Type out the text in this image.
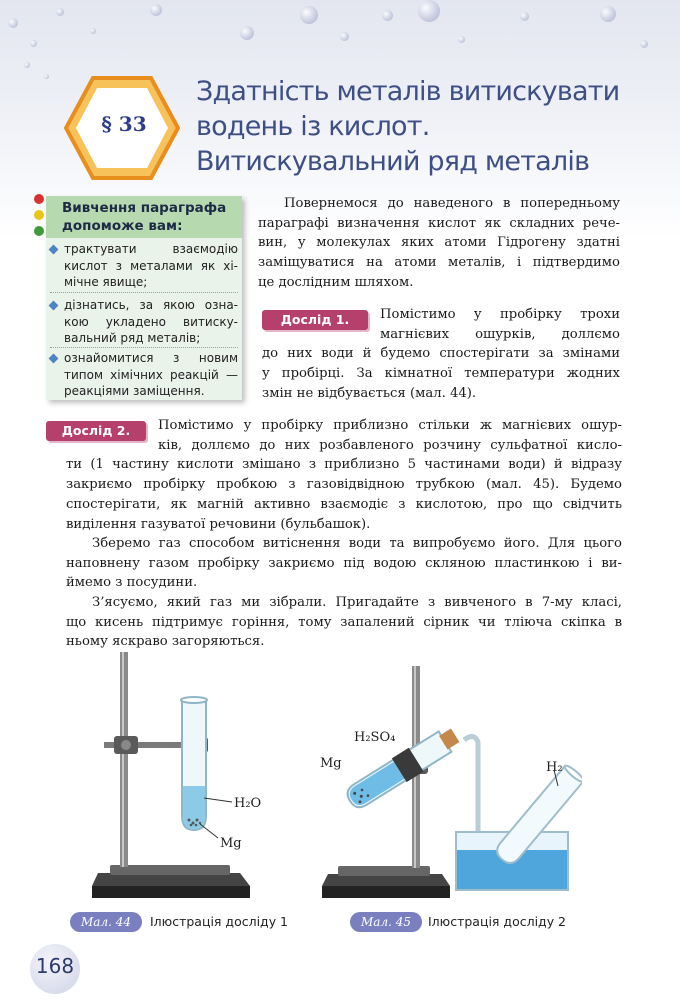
§ 33
Здатність металів витискувати
водень із кислот.
Витискувальний ряд металів
Вивчення параграфа
допоможе вам:
трактувати взаємодію
кислот з металами як хі-
мічне явище;
дізнатись, за якою озна-
кою укладено витиску-
вальний ряд металів;
ознайомитися з новим
типом хімічних реакцій —
реакціями заміщення.
Повернемося до наведеного в попередньому
параграфі визначення кислот як складних рече-
вин, у молекулах яких атоми Гідрогену здатні
заміщуватися на атоми металів, і підтвердимо
це дослідним шляхом.
Дослід 1.	Помістимо у пробірку трохи
магнієвих ошурків, доллємо
до них води й будемо спостерігати за змінами
у пробірці. За кімнатної температури жодних
змін не відбувається (мал. 44).
Дослід 2.	Помістимо у пробірку приблизно стільки ж магнієвих ошур-
ків, доллємо до них розбавленого розчину сульфатної кисло-
ти (1 частину кислоти змішано з приблизно 5 частинами води) й відразу
закриємо пробірку пробкою з газовідвідною трубкою (мал. 45). Будемо
спостерігати, як магній активно взаємодіє з кислотою, про що свідчить
виділення газуватої речовини (бульбашок).
Зберемо газ способом витіснення води та випробуємо його. Для цього
наповнену газом пробірку закриємо під водою скляною пластинкою і ви-
ймемо з посудини.
З’ясуємо, який газ ми зібрали. Пригадайте з вивченого в 7-му класі,
що кисень підтримує горіння, тому запалений сірник чи тліюча скіпка в
ньому яскраво загоряються.
H₂O
Mg
Мал. 44	Ілюстрація досліду 1
H₂SO₄
Mg	H₂
Мал. 45	Ілюстрація досліду 2
168
